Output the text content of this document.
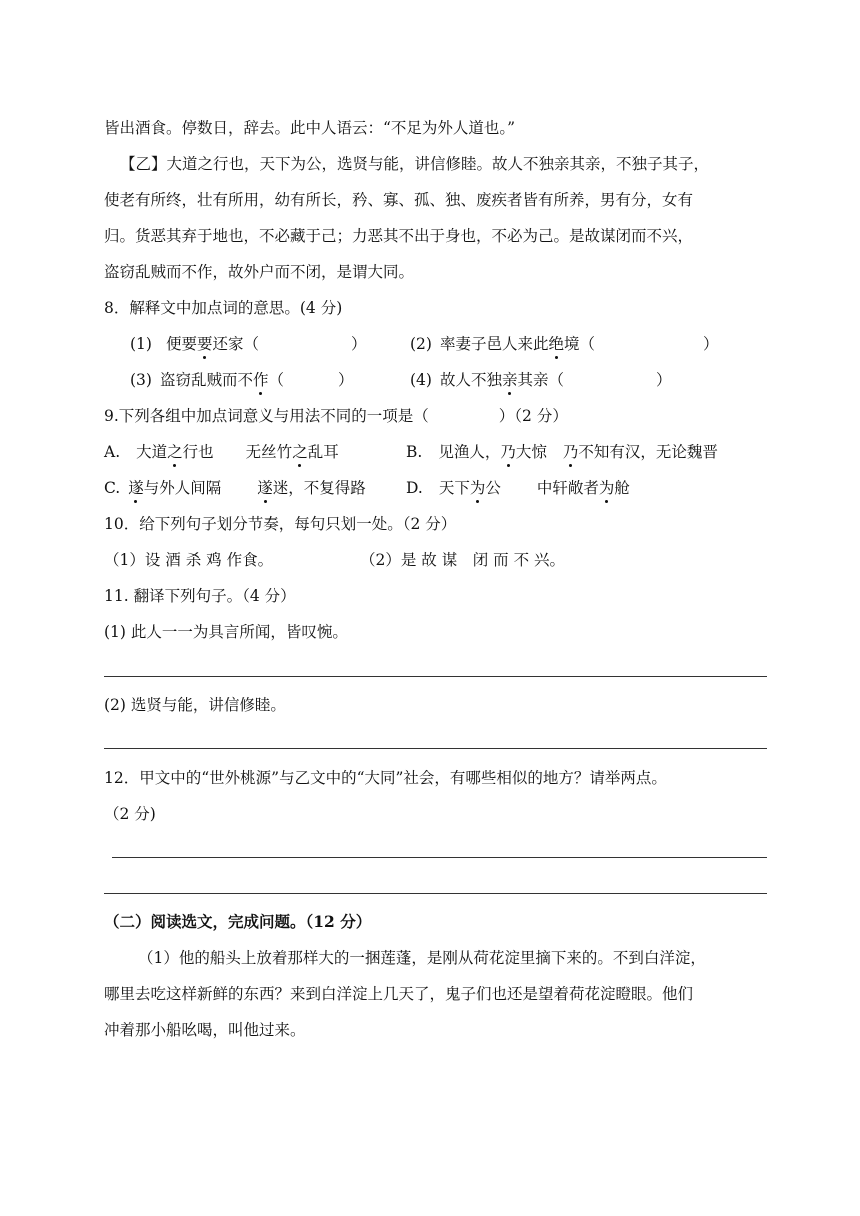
皆出酒食。停数日，辞去。此中人语云：“不足为外人道也。”
【乙】大道之行也，天下为公，选贤与能，讲信修睦。故人不独亲其亲，不独子其子，
使老有所终，壮有所用，幼有所长，矜、寡、孤、独、废疾者皆有所养，男有分，女有
归。货恶其弃于地也，不必藏于己；力恶其不出于身也，不必为己。是故谋闭而不兴，
盗窃乱贼而不作，故外户而不闭，是谓大同。
8．解释文中加点词的意思。(4 分)
(1) 便要要还家（	）	(2) 率妻子邑人来此绝境（	）
(3) 盗窃乱贼而不作（	）	(4) 故人不独亲其亲（	）
9.下列各组中加点词意义与用法不同的一项是（	）（2 分）
A. 大道之行也 无丝竹之乱耳	B. 见渔人，乃大惊 乃不知有汉，无论魏晋
C. 遂与外人间隔 遂迷，不复得路	D. 天下为公 中轩敞者为舱
10．给下列句子划分节奏，每句只划一处。（2 分）
（1）设 酒 杀 鸡 作食。	（2）是 故 谋　闭 而 不 兴。
11. 翻译下列句子。（4 分）
(1) 此人一一为具言所闻，皆叹惋。
(2) 选贤与能，讲信修睦。
12．甲文中的“世外桃源”与乙文中的“大同”社会，有哪些相似的地方？请举两点。
（2 分)
（二）阅读选文，完成问题。（12 分）
（1）他的船头上放着那样大的一捆莲蓬，是刚从荷花淀里摘下来的。不到白洋淀，
哪里去吃这样新鲜的东西？来到白洋淀上几天了，鬼子们也还是望着荷花淀瞪眼。他们
冲着那小船吆喝，叫他过来。
